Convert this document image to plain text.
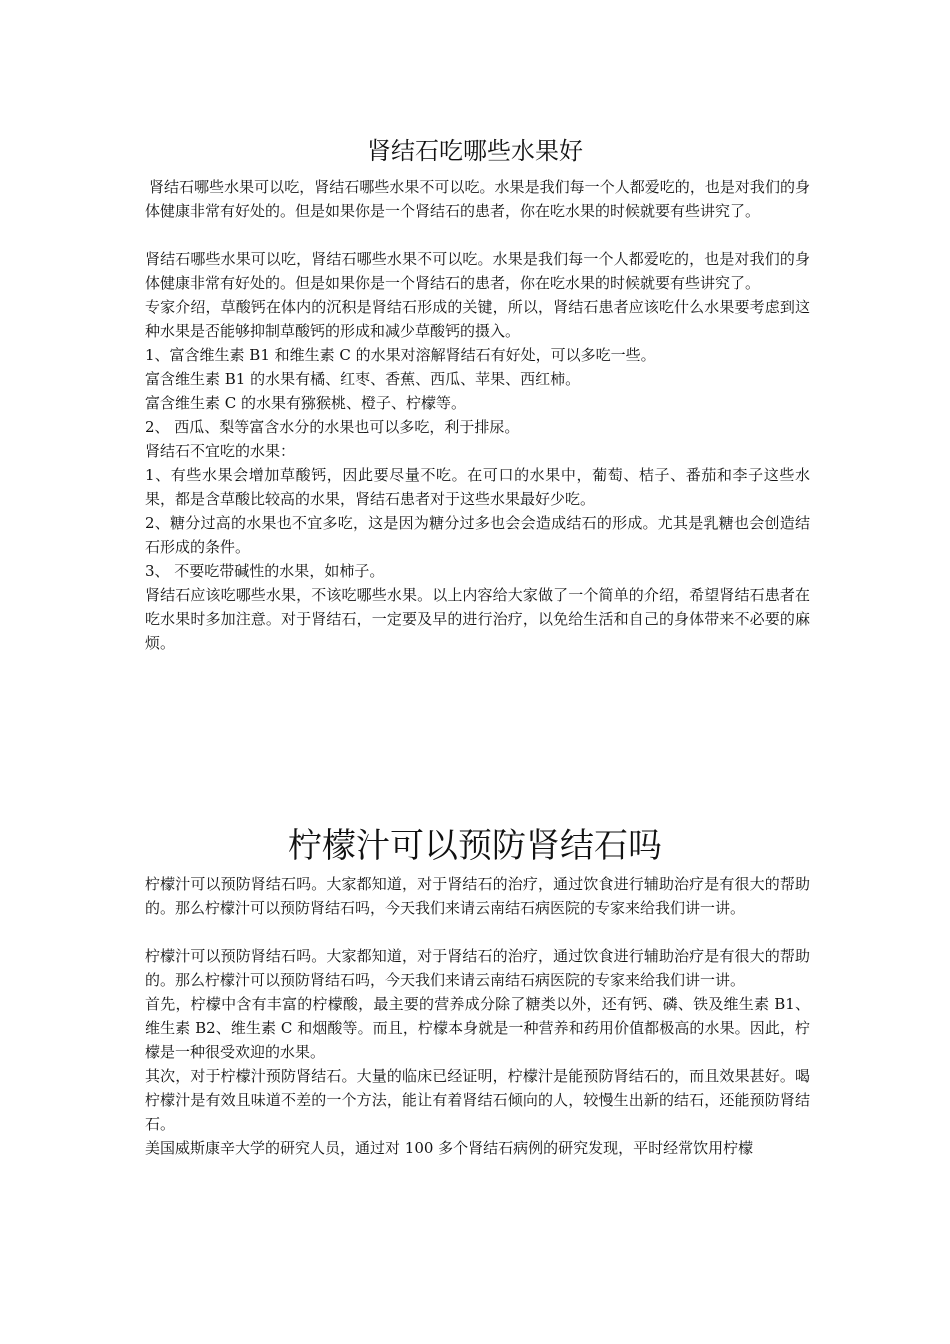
肾结石吃哪些水果好

肾结石哪些水果可以吃，肾结石哪些水果不可以吃。水果是我们每一个人都爱吃的，也是对我们的身体健康非常有好处的。但是如果你是一个肾结石的患者，你在吃水果的时候就要有些讲究了。

肾结石哪些水果可以吃，肾结石哪些水果不可以吃。水果是我们每一个人都爱吃的，也是对我们的身体健康非常有好处的。但是如果你是一个肾结石的患者，你在吃水果的时候就要有些讲究了。

专家介绍，草酸钙在体内的沉积是肾结石形成的关键，所以，肾结石患者应该吃什么水果要考虑到这种水果是否能够抑制草酸钙的形成和减少草酸钙的摄入。

1、富含维生素 B1 和维生素 C 的水果对溶解肾结石有好处，可以多吃一些。

富含维生素 B1 的水果有橘、红枣、香蕉、西瓜、苹果、西红柿。

富含维生素 C 的水果有猕猴桃、橙子、柠檬等。

2、 西瓜、梨等富含水分的水果也可以多吃，利于排尿。

肾结石不宜吃的水果：

1、有些水果会增加草酸钙，因此要尽量不吃。在可口的水果中，葡萄、桔子、番茄和李子这些水果，都是含草酸比较高的水果，肾结石患者对于这些水果最好少吃。

2、糖分过高的水果也不宜多吃，这是因为糖分过多也会会造成结石的形成。尤其是乳糖也会创造结石形成的条件。

3、 不要吃带碱性的水果，如柿子。

肾结石应该吃哪些水果，不该吃哪些水果。以上内容给大家做了一个简单的介绍，希望肾结石患者在吃水果时多加注意。对于肾结石，一定要及早的进行治疗，以免给生活和自己的身体带来不必要的麻烦。

柠檬汁可以预防肾结石吗

柠檬汁可以预防肾结石吗。大家都知道，对于肾结石的治疗，通过饮食进行辅助治疗是有很大的帮助的。那么柠檬汁可以预防肾结石吗，今天我们来请云南结石病医院的专家来给我们讲一讲。

柠檬汁可以预防肾结石吗。大家都知道，对于肾结石的治疗，通过饮食进行辅助治疗是有很大的帮助的。那么柠檬汁可以预防肾结石吗，今天我们来请云南结石病医院的专家来给我们讲一讲。

首先，柠檬中含有丰富的柠檬酸，最主要的营养成分除了糖类以外，还有钙、磷、铁及维生素 B1、维生素 B2、维生素 C 和烟酸等。而且，柠檬本身就是一种营养和药用价值都极高的水果。因此，柠檬是一种很受欢迎的水果。

其次，对于柠檬汁预防肾结石。大量的临床已经证明，柠檬汁是能预防肾结石的，而且效果甚好。喝柠檬汁是有效且味道不差的一个方法，能让有着肾结石倾向的人，较慢生出新的结石，还能预防肾结石。

美国威斯康辛大学的研究人员，通过对 100 多个肾结石病例的研究发现，平时经常饮用柠檬
